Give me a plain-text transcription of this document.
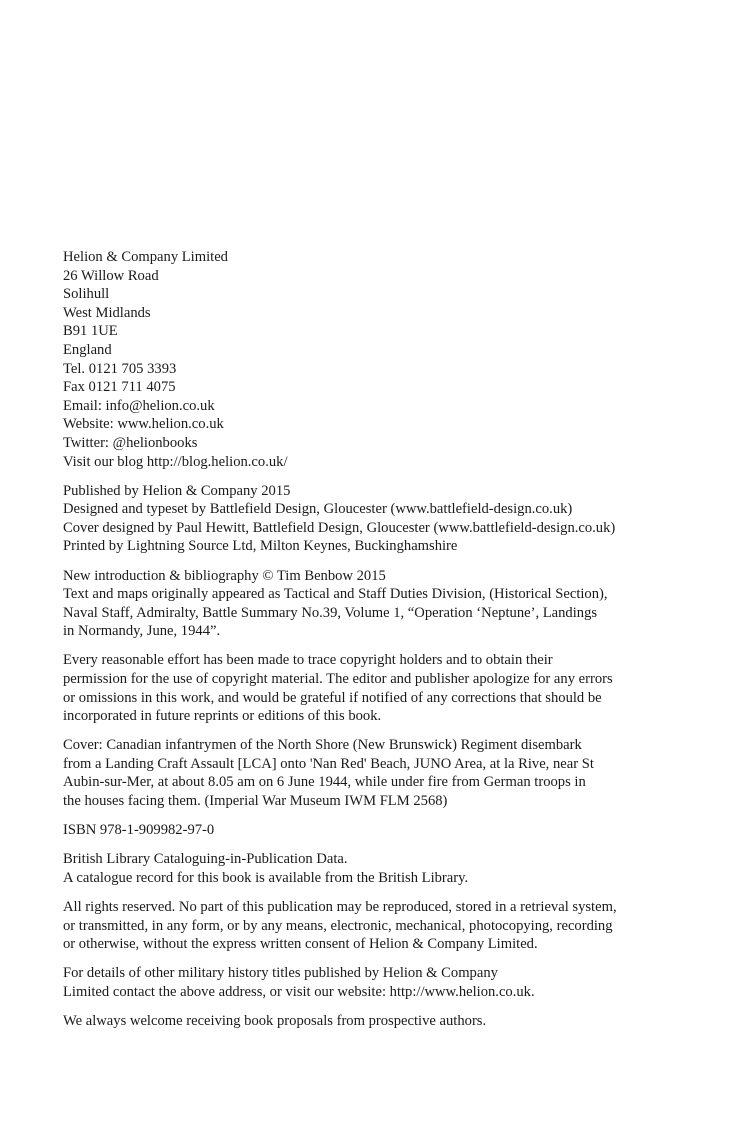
Helion & Company Limited
26 Willow Road
Solihull
West Midlands
B91 1UE
England
Tel. 0121 705 3393
Fax 0121 711 4075
Email: info@helion.co.uk
Website: www.helion.co.uk
Twitter: @helionbooks
Visit our blog http://blog.helion.co.uk/
Published by Helion & Company 2015
Designed and typeset by Battlefield Design, Gloucester (www.battlefield-design.co.uk)
Cover designed by Paul Hewitt, Battlefield Design, Gloucester (www.battlefield-design.co.uk)
Printed by Lightning Source Ltd, Milton Keynes, Buckinghamshire
New introduction & bibliography © Tim Benbow 2015
Text and maps originally appeared as Tactical and Staff Duties Division, (Historical Section),
Naval Staff, Admiralty, Battle Summary No.39, Volume 1, “Operation ‘Neptune’, Landings
in Normandy, June, 1944”.
Every reasonable effort has been made to trace copyright holders and to obtain their
permission for the use of copyright material. The editor and publisher apologize for any errors
or omissions in this work, and would be grateful if notified of any corrections that should be
incorporated in future reprints or editions of this book.
Cover: Canadian infantrymen of the North Shore (New Brunswick) Regiment disembark
from a Landing Craft Assault [LCA] onto 'Nan Red' Beach, JUNO Area, at la Rive, near St
Aubin-sur-Mer, at about 8.05 am on 6 June 1944, while under fire from German troops in
the houses facing them. (Imperial War Museum IWM FLM 2568)
ISBN 978-1-909982-97-0
British Library Cataloguing-in-Publication Data.
A catalogue record for this book is available from the British Library.
All rights reserved. No part of this publication may be reproduced, stored in a retrieval system,
or transmitted, in any form, or by any means, electronic, mechanical, photocopying, recording
or otherwise, without the express written consent of Helion & Company Limited.
For details of other military history titles published by Helion & Company
Limited contact the above address, or visit our website: http://www.helion.co.uk.
We always welcome receiving book proposals from prospective authors.
